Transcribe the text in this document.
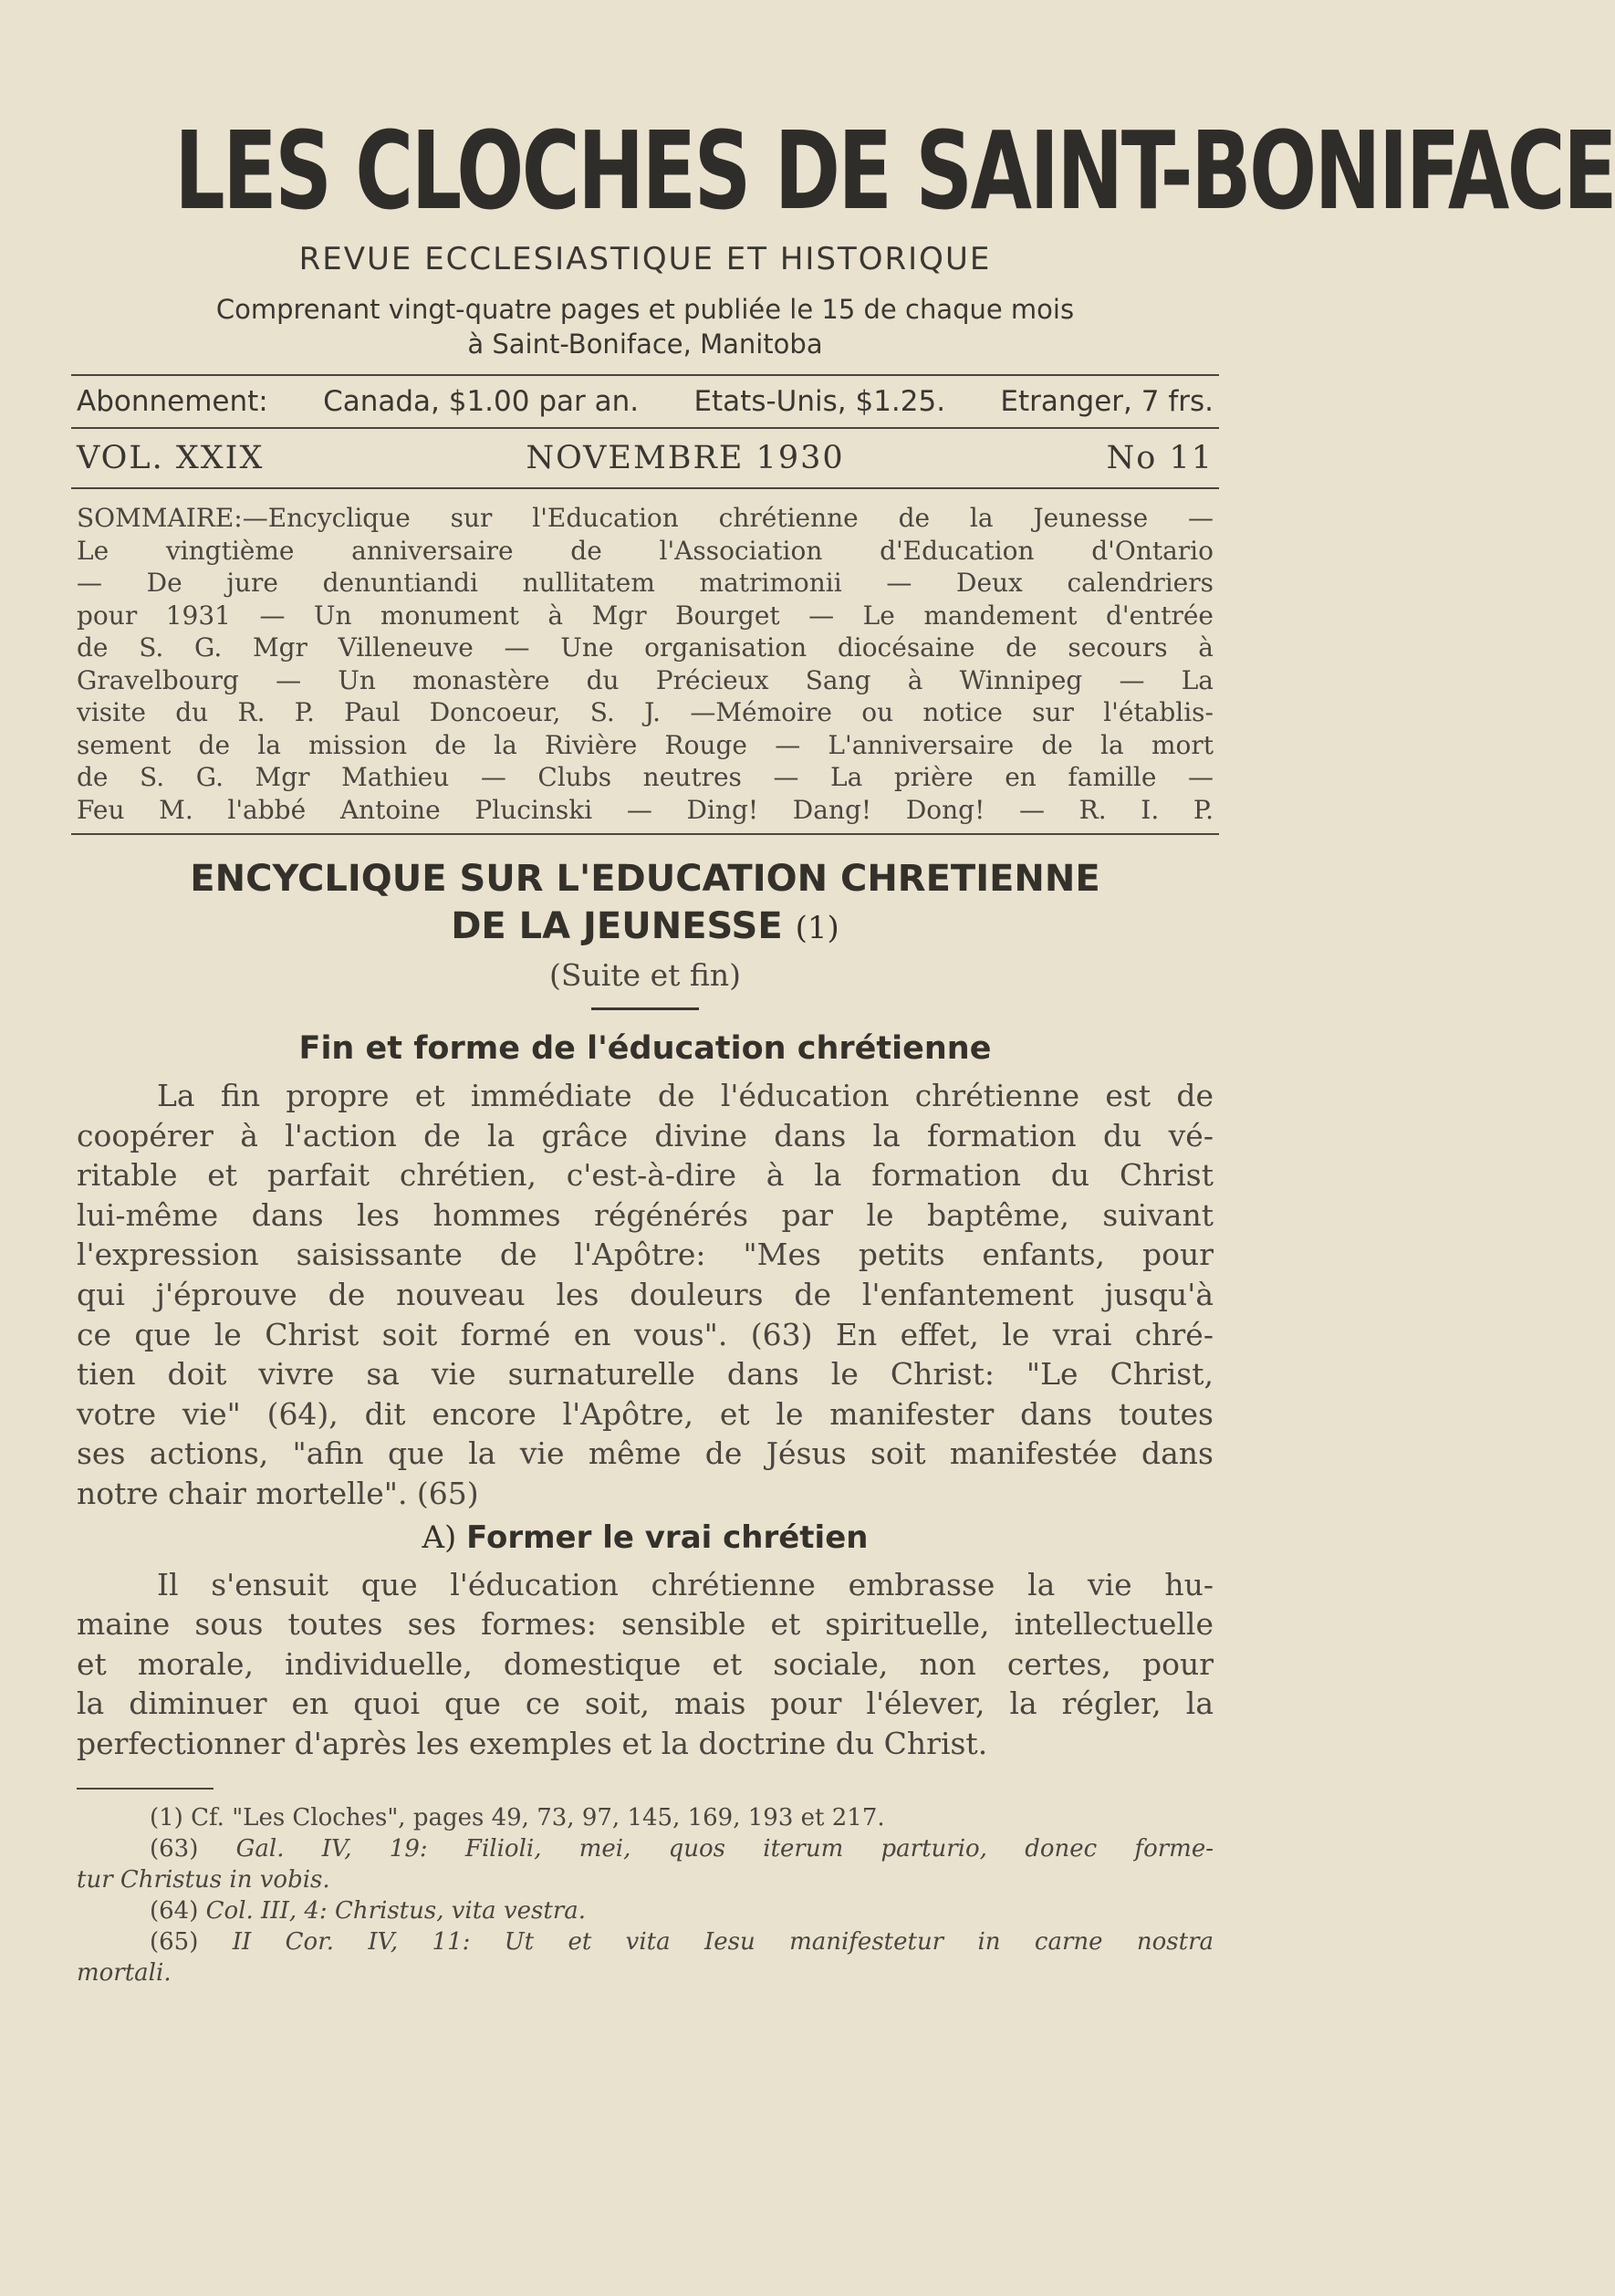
LES CLOCHES DE SAINT-BONIFACE
REVUE ECCLESIASTIQUE ET HISTORIQUE
Comprenant vingt-quatre pages et publiée le 15 de chaque mois
à Saint-Boniface, Manitoba
Abonnement: Canada, $1.00 par an. Etats-Unis, $1.25. Etranger, 7 frs.
VOL. XXIX	NOVEMBRE 1930	No 11
SOMMAIRE:—Encyclique sur l'Education chrétienne de la Jeunesse —
Le vingtième anniversaire de l'Association d'Education d'Ontario
— De jure denuntiandi nullitatem matrimonii — Deux calendriers
pour 1931 — Un monument à Mgr Bourget — Le mandement d'entrée
de S. G. Mgr Villeneuve — Une organisation diocésaine de secours à
Gravelbourg — Un monastère du Précieux Sang à Winnipeg — La
visite du R. P. Paul Doncoeur, S. J. —Mémoire ou notice sur l'établis-
sement de la mission de la Rivière Rouge — L'anniversaire de la mort
de S. G. Mgr Mathieu — Clubs neutres — La prière en famille —
Feu M. l'abbé Antoine Plucinski — Ding! Dang! Dong! — R. I. P.
ENCYCLIQUE SUR L'EDUCATION CHRETIENNE
DE LA JEUNESSE (1)
(Suite et fin)
Fin et forme de l'éducation chrétienne
La fin propre et immédiate de l'éducation chrétienne est de
coopérer à l'action de la grâce divine dans la formation du vé-
ritable et parfait chrétien, c'est-à-dire à la formation du Christ
lui-même dans les hommes régénérés par le baptême, suivant
l'expression saisissante de l'Apôtre: "Mes petits enfants, pour
qui j'éprouve de nouveau les douleurs de l'enfantement jusqu'à
ce que le Christ soit formé en vous". (63) En effet, le vrai chré-
tien doit vivre sa vie surnaturelle dans le Christ: "Le Christ,
votre vie" (64), dit encore l'Apôtre, et le manifester dans toutes
ses actions, "afin que la vie même de Jésus soit manifestée dans
notre chair mortelle". (65)
A) Former le vrai chrétien
Il s'ensuit que l'éducation chrétienne embrasse la vie hu-
maine sous toutes ses formes: sensible et spirituelle, intellectuelle
et morale, individuelle, domestique et sociale, non certes, pour
la diminuer en quoi que ce soit, mais pour l'élever, la régler, la
perfectionner d'après les exemples et la doctrine du Christ.
(1) Cf. "Les Cloches", pages 49, 73, 97, 145, 169, 193 et 217.
(63) Gal. IV, 19: Filioli, mei, quos iterum parturio, donec forme-
tur Christus in vobis.
(64) Col. III, 4: Christus, vita vestra.
(65) II Cor. IV, 11: Ut et vita Iesu manifestetur in carne nostra
mortali.
